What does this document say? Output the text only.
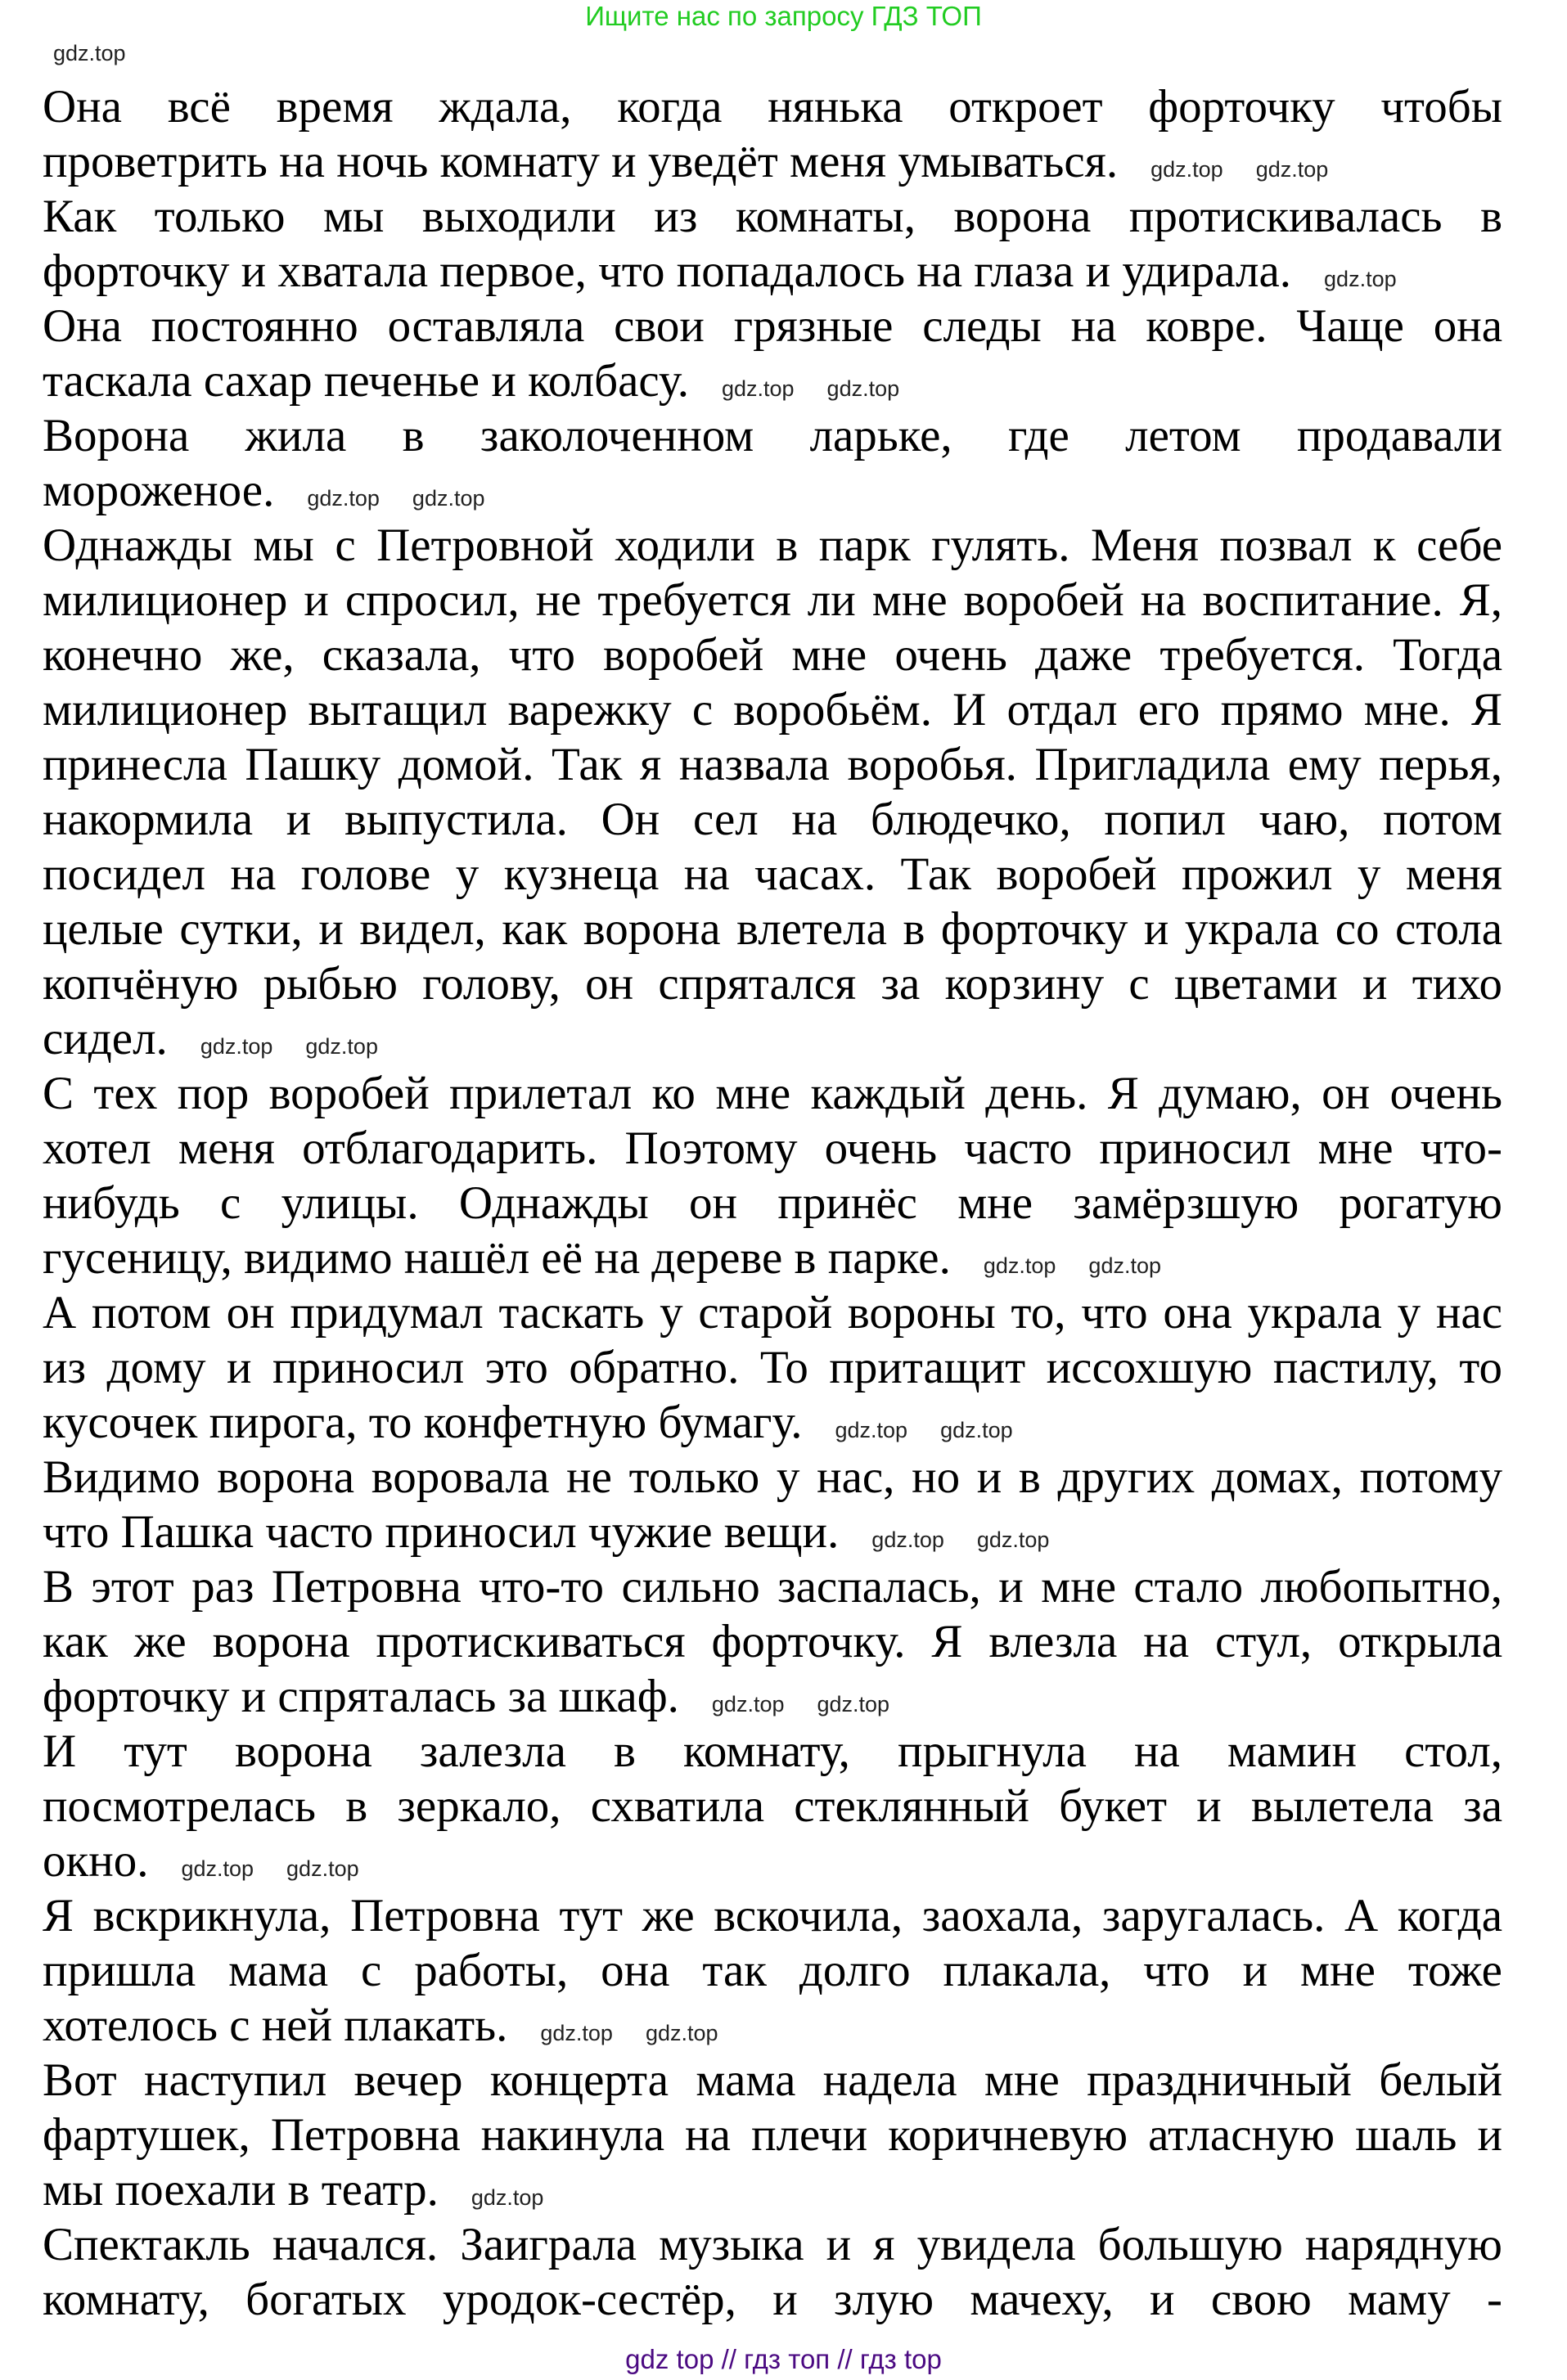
Ищите нас по запросу ГДЗ ТОП
gdz.top
Она всё время ждала, когда нянька откроет форточку чтобы
проветрить на ночь комнату и уведёт меня умываться. gdz.top gdz.top
Как только мы выходили из комнаты, ворона протискивалась в
форточку и хватала первое, что попадалось на глаза и удирала. gdz.top
Она постоянно оставляла свои грязные следы на ковре. Чаще она
таскала сахар печенье и колбасу. gdz.top gdz.top
Ворона жила в заколоченном ларьке, где летом продавали
мороженое. gdz.top gdz.top
Однажды мы с Петровной ходили в парк гулять. Меня позвал к себе
милиционер и спросил, не требуется ли мне воробей на воспитание. Я,
конечно же, сказала, что воробей мне очень даже требуется. Тогда
милиционер вытащил варежку с воробьём. И отдал его прямо мне. Я
принесла Пашку домой. Так я назвала воробья. Пригладила ему перья,
накормила и выпустила. Он сел на блюдечко, попил чаю, потом
посидел на голове у кузнеца на часах. Так воробей прожил у меня
целые сутки, и видел, как ворона влетела в форточку и украла со стола
копчёную рыбью голову, он спрятался за корзину с цветами и тихо
сидел. gdz.top gdz.top
С тех пор воробей прилетал ко мне каждый день. Я думаю, он очень
хотел меня отблагодарить. Поэтому очень часто приносил мне что-
нибудь с улицы. Однажды он принёс мне замёрзшую рогатую
гусеницу, видимо нашёл её на дереве в парке. gdz.top gdz.top
А потом он придумал таскать у старой вороны то, что она украла у нас
из дому и приносил это обратно. То притащит иссохшую пастилу, то
кусочек пирога, то конфетную бумагу. gdz.top gdz.top
Видимо ворона воровала не только у нас, но и в других домах, потому
что Пашка часто приносил чужие вещи. gdz.top gdz.top
В этот раз Петровна что-то сильно заспалась, и мне стало любопытно,
как же ворона протискиваться форточку. Я влезла на стул, открыла
форточку и спряталась за шкаф. gdz.top gdz.top
И тут ворона залезла в комнату, прыгнула на мамин стол,
посмотрелась в зеркало, схватила стеклянный букет и вылетела за
окно. gdz.top gdz.top
Я вскрикнула, Петровна тут же вскочила, заохала, заругалась. А когда
пришла мама с работы, она так долго плакала, что и мне тоже
хотелось с ней плакать. gdz.top gdz.top
Вот наступил вечер концерта мама надела мне праздничный белый
фартушек, Петровна накинула на плечи коричневую атласную шаль и
мы поехали в театр. gdz.top
Спектакль начался. Заиграла музыка и я увидела большую нарядную
комнату, богатых уродок-сестёр, и злую мачеху, и свою маму -
gdz top // гдз топ // гдз top
